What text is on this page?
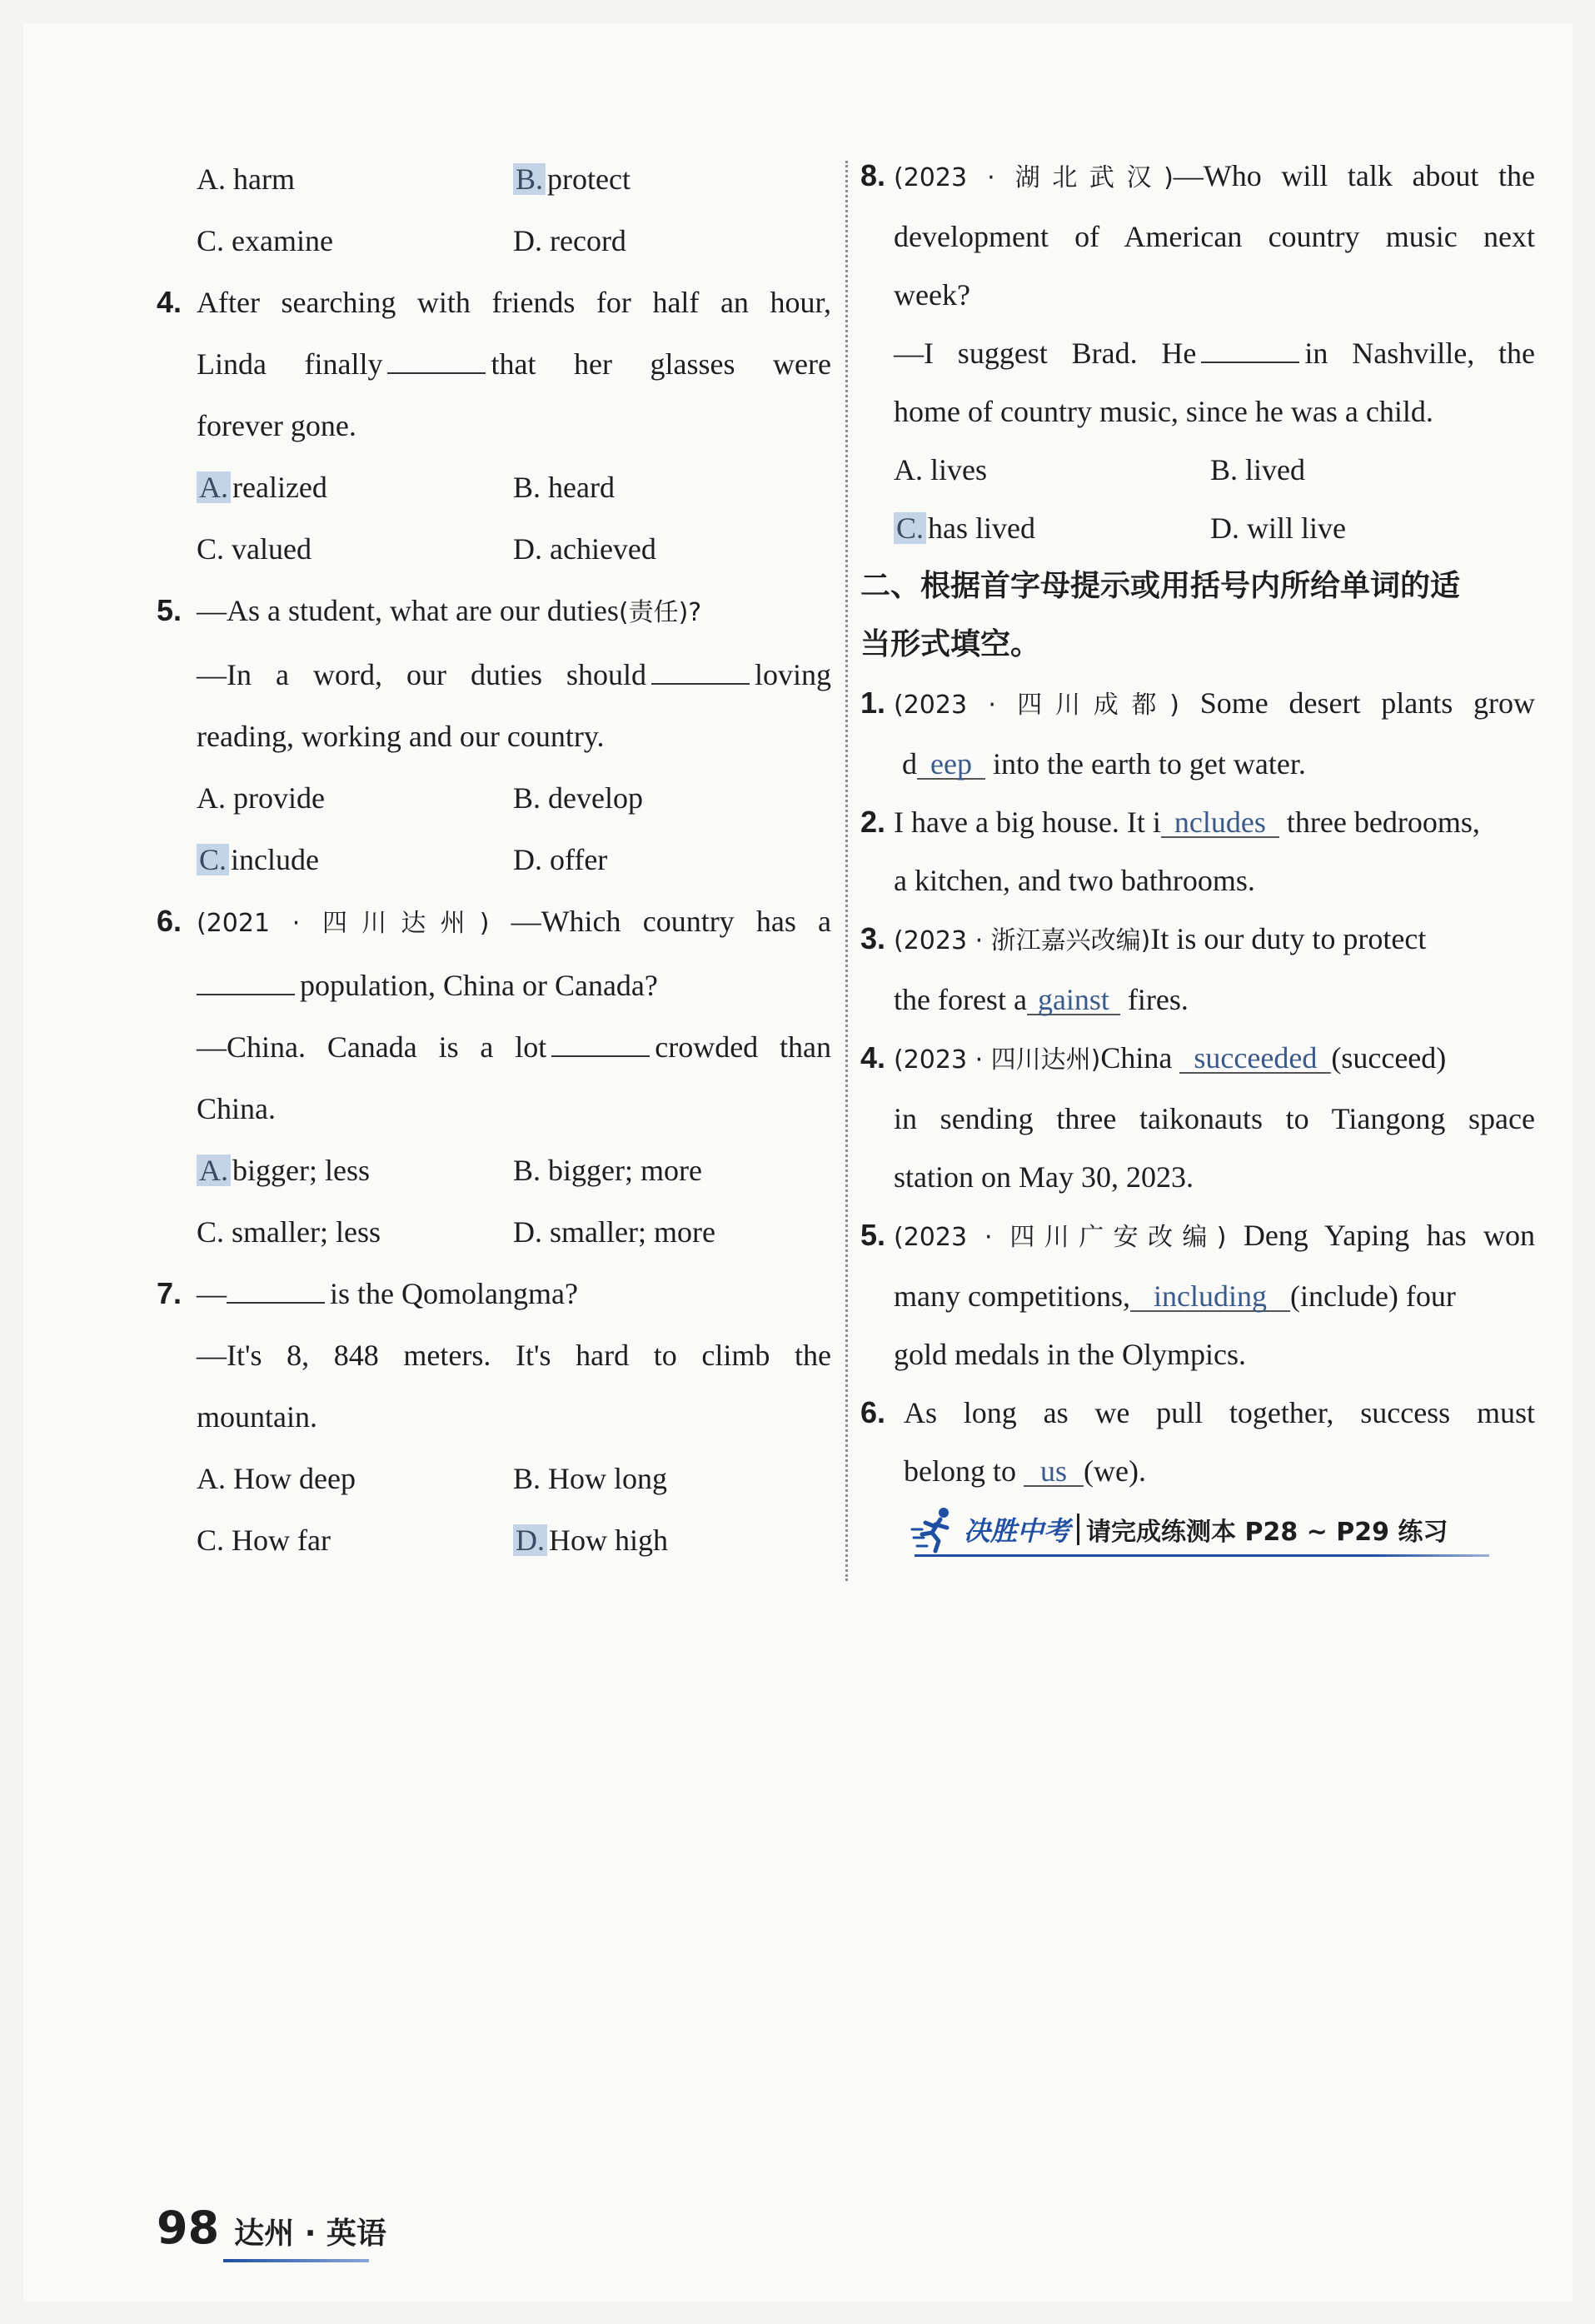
A. harm	B. protect
C. examine	D. record
4. After searching with friends for half an hour,
Linda finally	that her glasses were
forever gone.
A. realized	B. heard
C. valued	D. achieved
5. —As a student, what are our duties(责任)?
—In a word, our duties should	loving
reading, working and our country.
A. provide	B. develop
C. include	D. offer
6. (2021 · 四川达州) —Which country has a
population, China or Canada?
—China. Canada is a lot	crowded than
China.
A. bigger; less	B. bigger; more
C. smaller; less	D. smaller; more
7. —	is the Qomolangma?
—It's 8, 848 meters. It's hard to climb the
mountain.
A. How deep	B. How long
C. How far	D. How high
8. (2023 · 湖北武汉)—Who will talk about the
development of American country music next
week?
—I suggest Brad. He	in Nashville, the
home of country music, since he was a child.
A. lives	B. lived
C. has lived	D. will live
二、根据首字母提示或用括号内所给单词的适
当形式填空。
1. (2023 · 四川成都) Some desert plants grow
d eep into the earth to get water.
2. I have a big house. It i ncludes three bedrooms,
a kitchen, and two bathrooms.
3. (2023 · 浙江嘉兴改编)It is our duty to protect
the forest a gainst fires.
4. (2023 · 四川达州)China succeeded (succeed)
in sending three taikonauts to Tiangong space
station on May 30, 2023.
5. (2023 · 四川广安改编) Deng Yaping has won
many competitions, including (include) four
gold medals in the Olympics.
6. As long as we pull together, success must
belong to us (we).
决胜中考 请完成练测本 P28 ~ P29 练习
98 达州 · 英语
